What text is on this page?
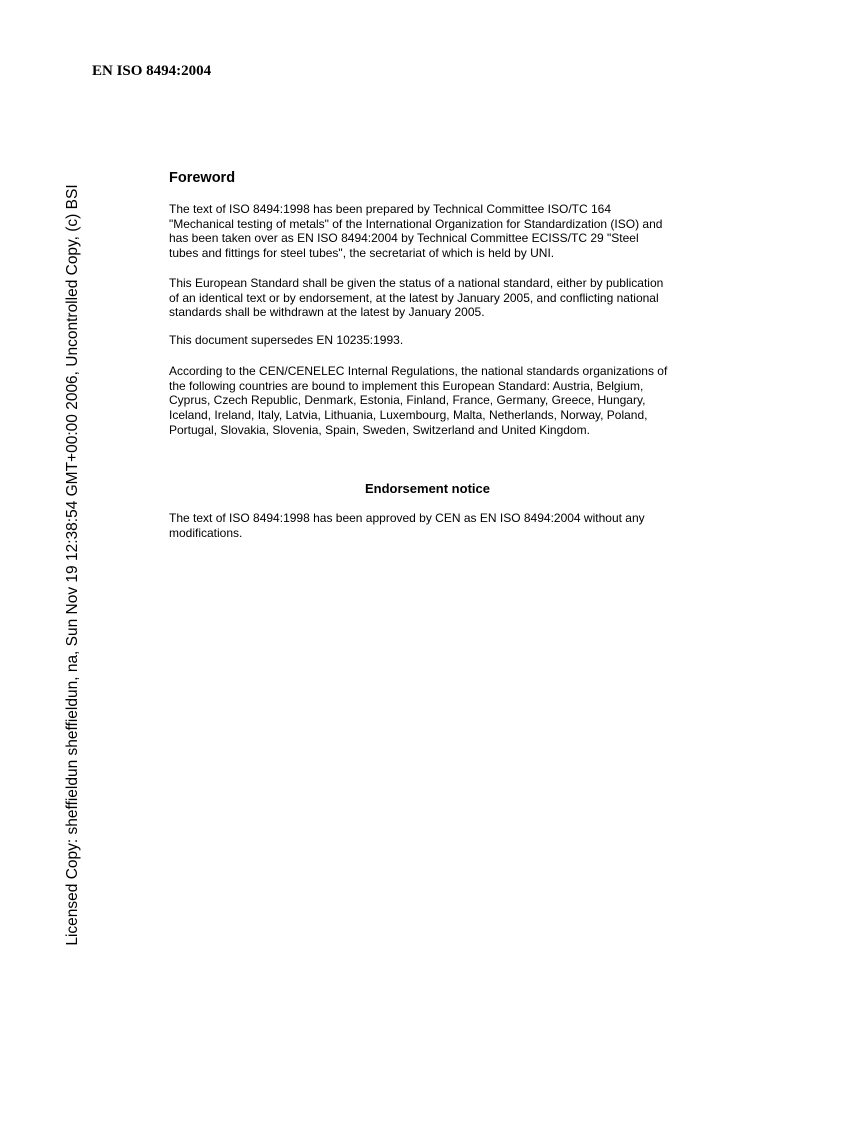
EN ISO 8494:2004
Licensed Copy: sheffieldun sheffieldun, na, Sun Nov 19 12:38:54 GMT+00:00 2006, Uncontrolled Copy, (c) BSI
Foreword
The text of ISO 8494:1998 has been prepared by Technical Committee ISO/TC 164
"Mechanical testing of metals" of the International Organization for Standardization (ISO) and
has been taken over as EN ISO 8494:2004 by Technical Committee ECISS/TC 29 "Steel
tubes and fittings for steel tubes", the secretariat of which is held by UNI.
This European Standard shall be given the status of a national standard, either by publication
of an identical text or by endorsement, at the latest by January 2005, and conflicting national
standards shall be withdrawn at the latest by January 2005.
This document supersedes EN 10235:1993.
According to the CEN/CENELEC Internal Regulations, the national standards organizations of
the following countries are bound to implement this European Standard: Austria, Belgium,
Cyprus, Czech Republic, Denmark, Estonia, Finland, France, Germany, Greece, Hungary,
Iceland, Ireland, Italy, Latvia, Lithuania, Luxembourg, Malta, Netherlands, Norway, Poland,
Portugal, Slovakia, Slovenia, Spain, Sweden, Switzerland and United Kingdom.
Endorsement notice
The text of ISO 8494:1998 has been approved by CEN as EN ISO 8494:2004 without any
modifications.
